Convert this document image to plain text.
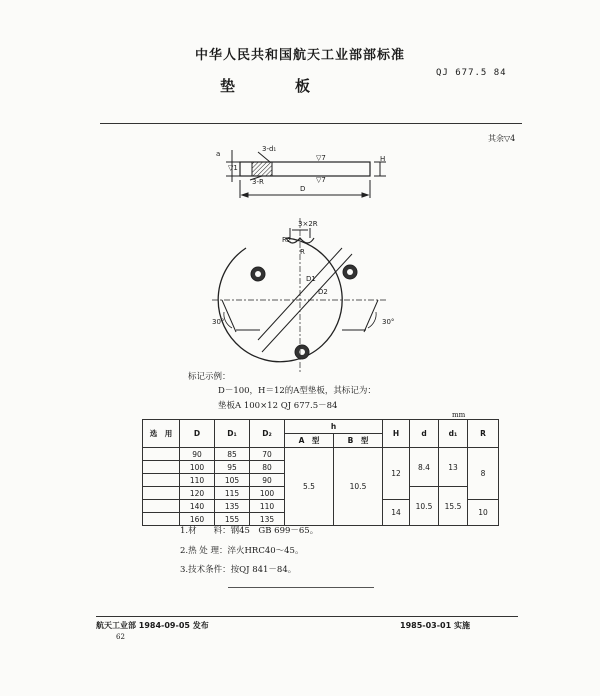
中华人民共和国航天工业部部标准
垫	板
QJ 677.5 84
其余▽4
a
3-d₁
3-R
H
D
▽7
▽7
▽1
3×2R
R
R2
D1
D2
30°	30°
标记示例：
D－100，H＝12的A型垫板，其标记为：
垫板A 100×12 QJ 677.5－84
mm
选　用	D	D₁	D₂	h		H	d	d₁	R
				A　型	B　型				
	90	85	70	5.5	10.5	12	8.4	13	8
	100	95	80						
	110	105	90						
	120	115	100				10.5	15.5	
	140	135	110			14			10
	160	155	135						
1.材　　料：钢45　GB 699－65。
2.热 处 理：淬火HRC40～45。
3.技术条件：按QJ 841－84。
航天工业部 1984-09-05 发布	1985-03-01 实施
62
